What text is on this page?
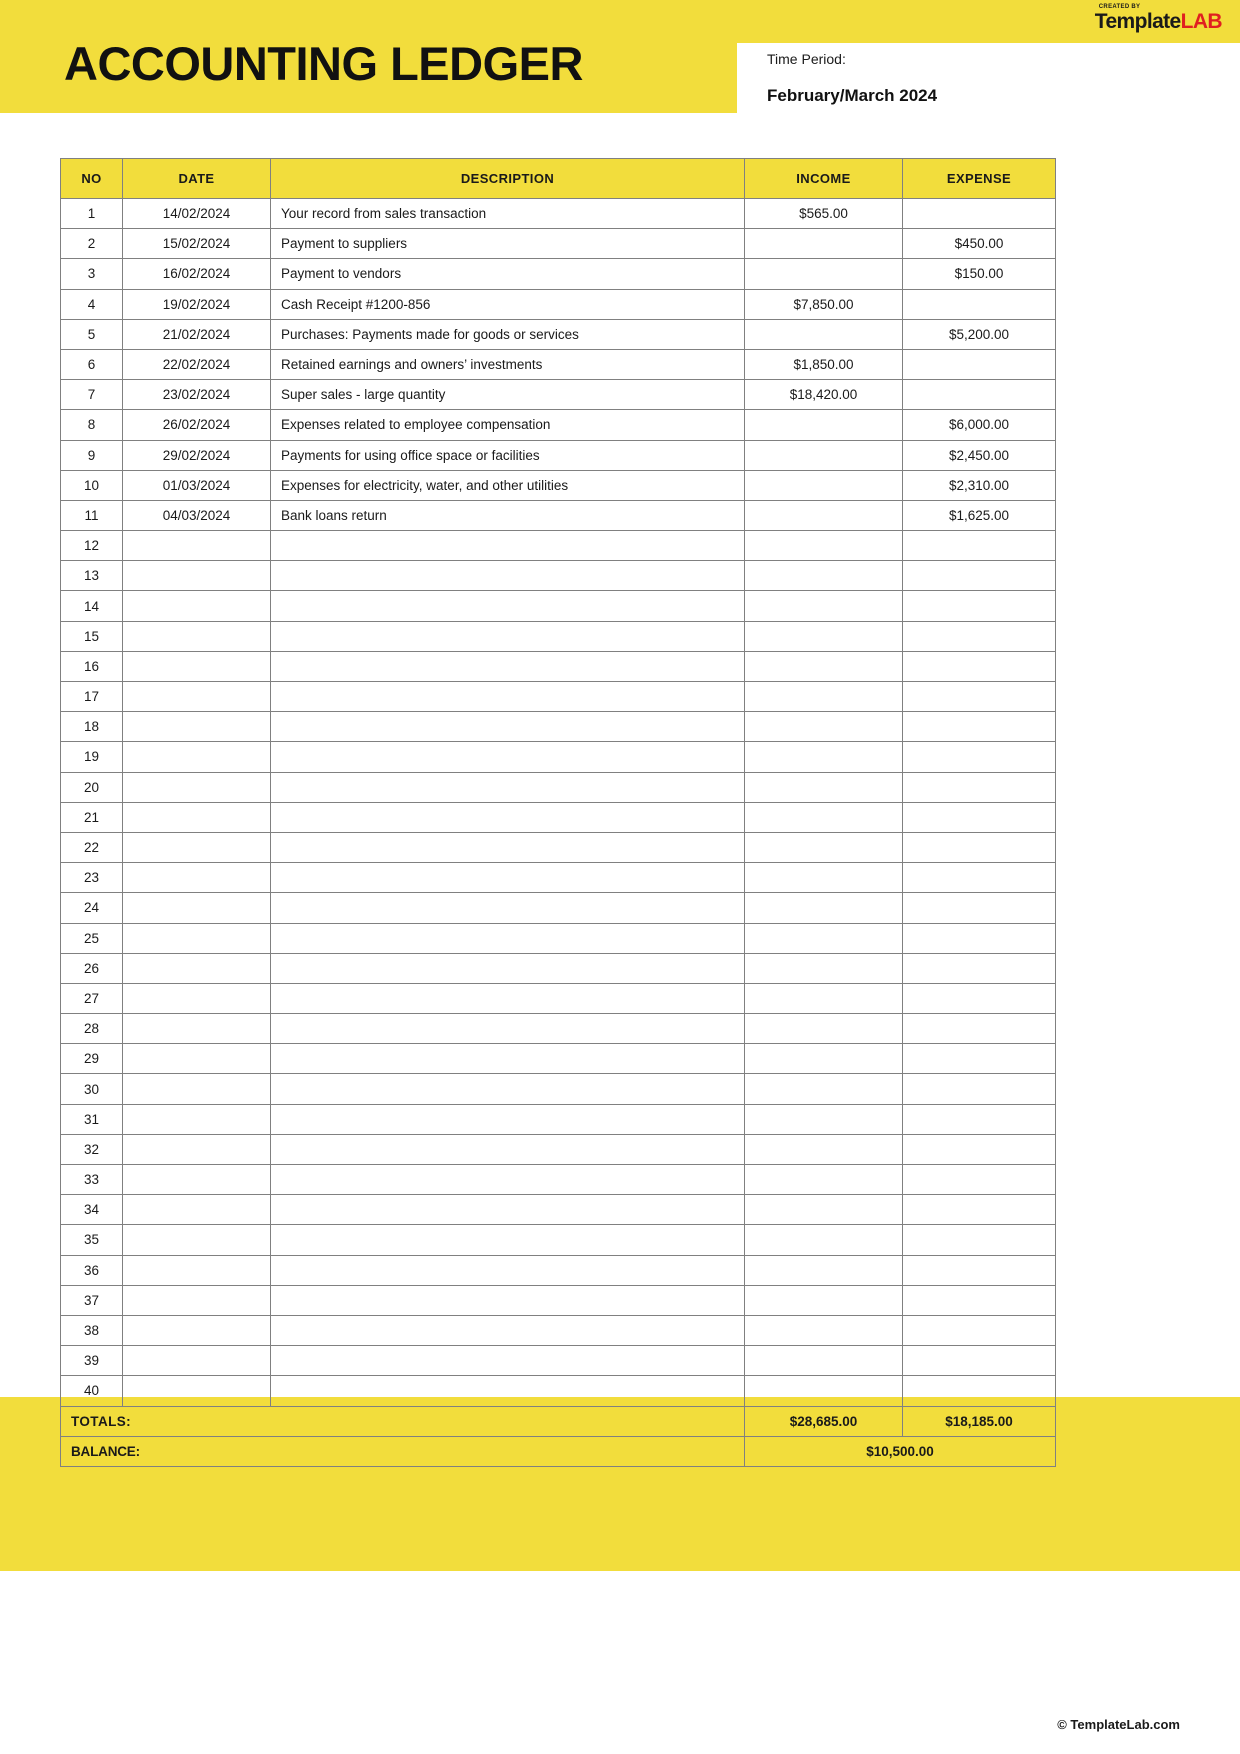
ACCOUNTING LEDGER
CREATED BY
TemplateLAB
Time Period:
February/March 2024
NO	DATE	DESCRIPTION	INCOME	EXPENSE
1	14/02/2024	Your record from sales transaction	$565.00	
2	15/02/2024	Payment to suppliers		$450.00
3	16/02/2024	Payment to vendors		$150.00
4	19/02/2024	Cash Receipt #1200-856	$7,850.00	
5	21/02/2024	Purchases: Payments made for goods or services		$5,200.00
6	22/02/2024	Retained earnings and owners’ investments	$1,850.00	
7	23/02/2024	Super sales - large quantity	$18,420.00	
8	26/02/2024	Expenses related to employee compensation		$6,000.00
9	29/02/2024	Payments for using office space or facilities		$2,450.00
10	01/03/2024	Expenses for electricity, water, and other utilities		$2,310.00
11	04/03/2024	Bank loans return		$1,625.00
12				
13				
14				
15				
16				
17				
18				
19				
20				
21				
22				
23				
24				
25				
26				
27				
28				
29				
30				
31				
32				
33				
34				
35				
36				
37				
38				
39				
40				
TOTALS:			$28,685.00	$18,185.00
BALANCE:			$10,500.00	
© TemplateLab.com
